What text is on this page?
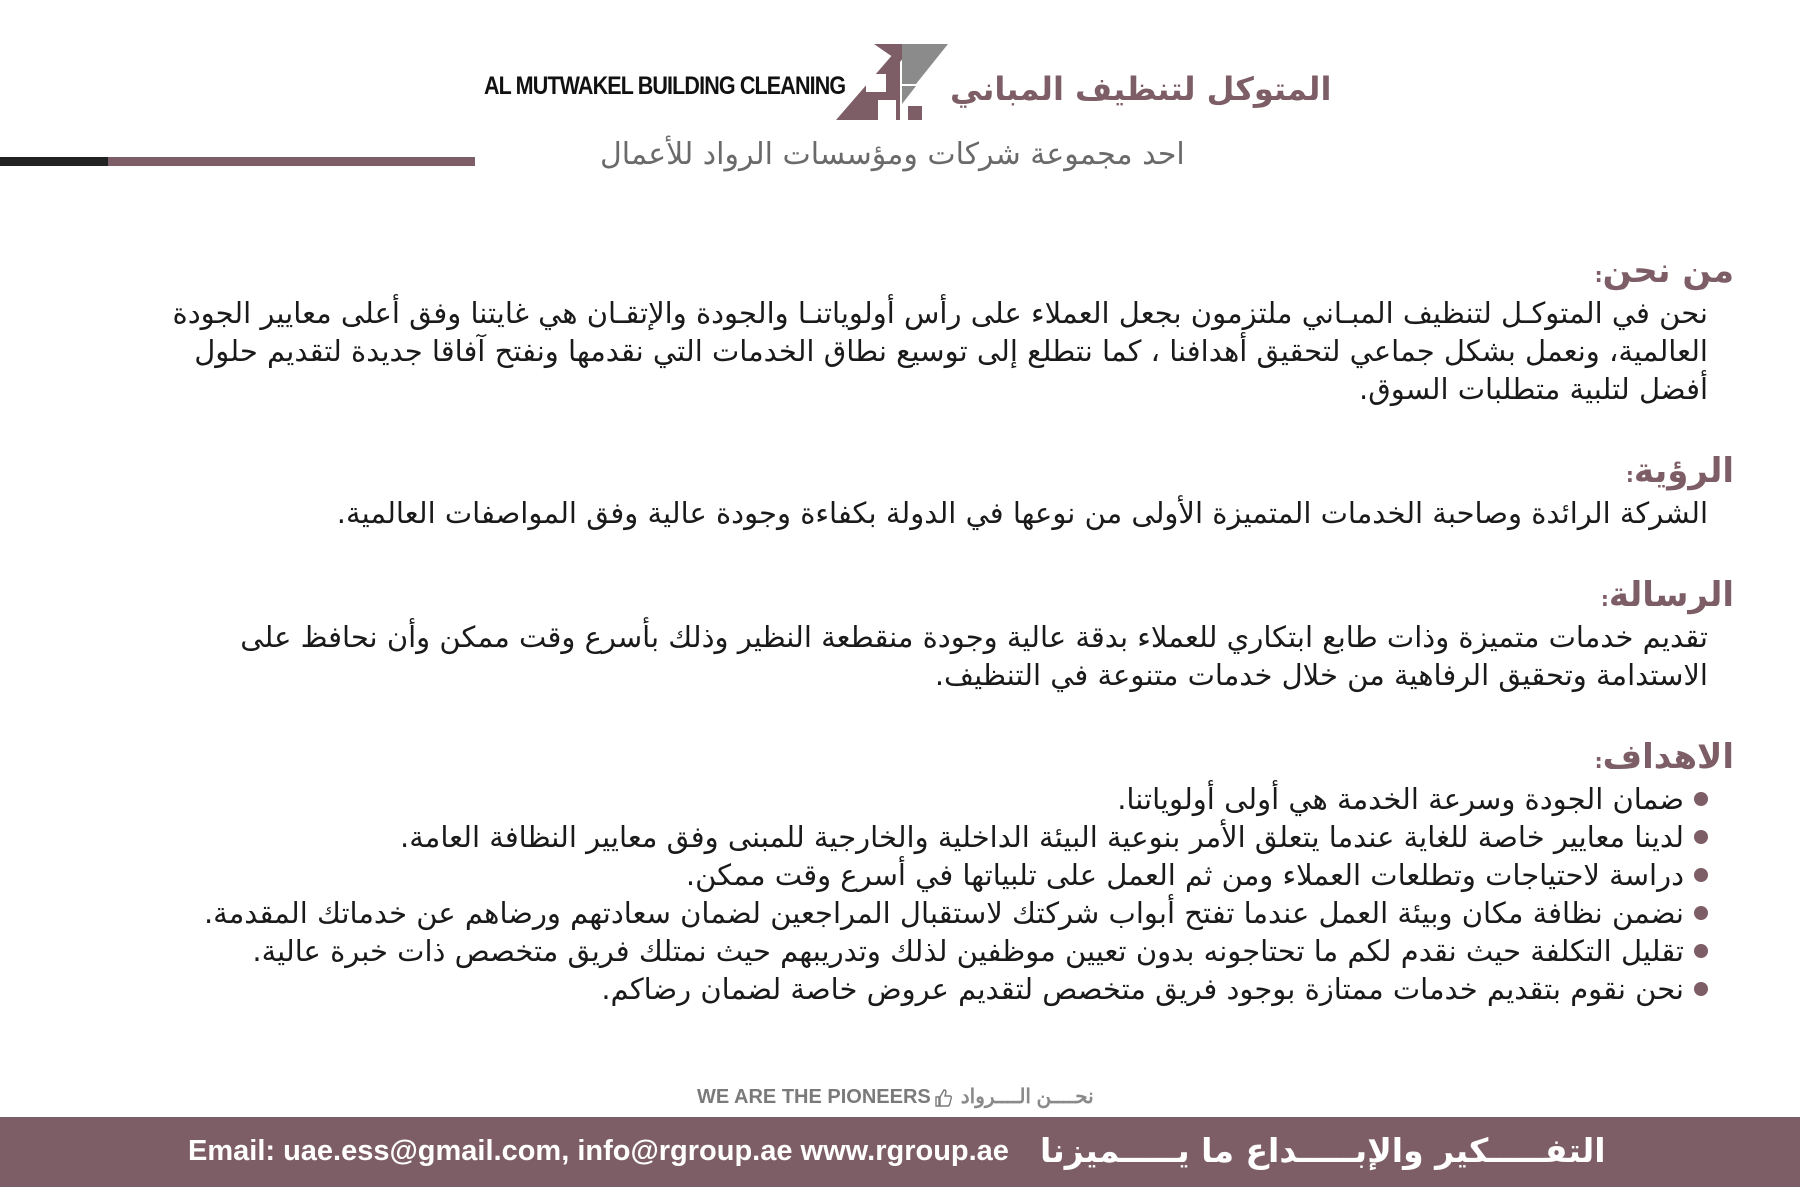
AL MUTWAKEL BUILDING CLEANING	المتوكل لتنظيف المباني
احد مجموعة شركات ومؤسسات الرواد للأعمال
من نحن:
نحن في المتوكـل لتنظيف المبـاني ملتزمون بجعل العملاء على رأس أولوياتنـا والجودة والإتقـان هي غايتنا وفق أعلى معايير الجودة العالمية، ونعمل بشكل جماعي لتحقيق أهدافنا ، كما نتطلع إلى توسيع نطاق الخدمات التي نقدمها ونفتح آفاقا جديدة لتقديم حلول أفضل لتلبية متطلبات السوق.
الرؤية:
الشركة الرائدة وصاحبة الخدمات المتميزة الأولى من نوعها في الدولة بكفاءة وجودة عالية وفق المواصفات العالمية.
الرسالة:
تقديم خدمات متميزة وذات طابع ابتكاري للعملاء بدقة عالية وجودة منقطعة النظير وذلك بأسرع وقت ممكن وأن نحافظ على الاستدامة وتحقيق الرفاهية من خلال خدمات متنوعة في التنظيف.
الاهداف:
ضمان الجودة وسرعة الخدمة هي أولى أولوياتنا.
لدينا معايير خاصة للغاية عندما يتعلق الأمر بنوعية البيئة الداخلية والخارجية للمبنى وفق معايير النظافة العامة.
دراسة لاحتياجات وتطلعات العملاء ومن ثم العمل على تلبياتها في أسرع وقت ممكن.
نضمن نظافة مكان وبيئة العمل عندما تفتح أبواب شركتك لاستقبال المراجعين لضمان سعادتهم ورضاهم عن خدماتك المقدمة.
تقليل التكلفة حيث نقدم لكم ما تحتاجونه بدون تعيين موظفين لذلك وتدريبهم حيث نمتلك فريق متخصص ذات خبرة عالية.
نحن نقوم بتقديم خدمات ممتازة بوجود فريق متخصص لتقديم عروض خاصة لضمان رضاكم.
WE ARE THE PIONEERS نحــــن الــــرواد
Email: uae.ess@gmail.com, info@rgroup.ae www.rgroup.ae التفـــــكير والإبـــــداع ما يـــــميزنا
